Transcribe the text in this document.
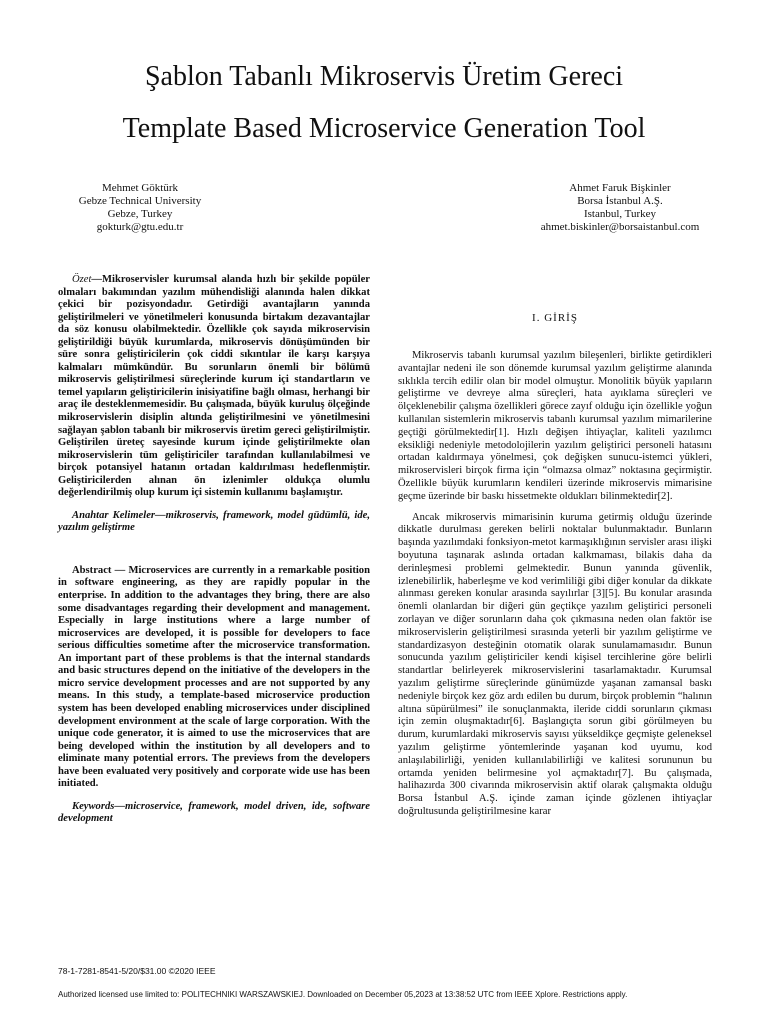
Şablon Tabanlı Mikroservis Üretim Gereci
Template Based Microservice Generation Tool
Mehmet Göktürk
Gebze Technical University
Gebze, Turkey
gokturk@gtu.edu.tr
Ahmet Faruk Bişkinler
Borsa İstanbul A.Ş.
Istanbul, Turkey
ahmet.biskinler@borsaistanbul.com

Özet—Mikroservisler kurumsal alanda hızlı bir şekilde popüler olmaları bakımından yazılım mühendisliği alanında halen dikkat çekici bir pozisyondadır. Getirdiği avantajların yanında geliştirilmeleri ve yönetilmeleri konusunda birtakım dezavantajlar da söz konusu olabilmektedir. Özellikle çok sayıda mikroservisin geliştirildiği büyük kurumlarda, mikroservis dönüşümünden bir süre sonra geliştiricilerin çok ciddi sıkıntılar ile karşı karşıya kalmaları mümkündür. Bu sorunların önemli bir bölümü mikroservis geliştirilmesi süreçlerinde kurum içi standartların ve temel yapıların geliştiricilerin inisiyatifine bağlı olması, herhangi bir araç ile desteklenmemesidir. Bu çalışmada, büyük kuruluş ölçeğinde mikroservislerin disiplin altında geliştirilmesini ve yönetilmesini sağlayan şablon tabanlı bir mikroservis üretim gereci geliştirilmiştir. Geliştirilen üreteç sayesinde kurum içinde geliştirilmekte olan mikroservislerin tüm geliştiriciler tarafından kullanılabilmesi ve birçok potansiyel hatanın ortadan kaldırılması hedeflenmiştir. Geliştiricilerden alınan ön izlenimler oldukça olumlu değerlendirilmiş olup kurum içi sistemin kullanımı başlamıştır.

Anahtar Kelimeler—mikroservis, framework, model güdümlü, ide, yazılım geliştirme

Abstract — Microservices are currently in a remarkable position in software engineering, as they are rapidly popular in the enterprise. In addition to the advantages they bring, there are also some disadvantages regarding their development and management. Especially in large institutions where a large number of microservices are developed, it is possible for developers to face serious difficulties sometime after the microservice transformation. An important part of these problems is that the internal standards and basic structures depend on the initiative of the developers in the micro service development processes and are not supported by any means. In this study, a template-based microservice production system has been developed enabling microservices under disciplined development environment at the scale of large corporation. With the unique code generator, it is aimed to use the microservices that are being developed within the institution by all developers and to eliminate many potential errors. The previews from the developers have been evaluated very positively and corporate wide use has been initiated.

Keywords—microservice, framework, model driven, ide, software development

I. GİRİŞ

Mikroservis tabanlı kurumsal yazılım bileşenleri, birlikte getirdikleri avantajlar nedeni ile son dönemde kurumsal yazılım geliştirme alanında sıklıkla tercih edilir olan bir model olmuştur. Monolitik büyük yapıların geliştirme ve devreye alma süreçleri, hata ayıklama süreçleri ve ölçeklenebilir çalışma özellikleri görece zayıf olduğu için özellikle yoğun kullanılan sistemlerin mikroservis tabanlı kurumsal yazılım mimarilerine geçtiği görülmektedir[1]. Hızlı değişen ihtiyaçlar, kaliteli yazılımcı eksikliği nedeniyle metodolojilerin yazılım geliştirici personeli hatasını ortadan kaldırmaya yönelmesi, çok değişken sunucu-istemci yükleri, mikroservisleri birçok firma için “olmazsa olmaz” noktasına geçirmiştir. Özellikle büyük kurumların kendileri üzerinde mikroservis mimarisine geçme üzerinde bir baskı hissetmekte oldukları bilinmektedir[2].

Ancak mikroservis mimarisinin kuruma getirmiş olduğu üzerinde dikkatle durulması gereken belirli noktalar bulunmaktadır. Bunların başında yazılımdaki fonksiyon-metot karmaşıklığının servisler arası ilişki boyutuna taşınarak aslında ortadan kalkmaması, bilakis daha da derinleşmesi problemi gelmektedir. Bunun yanında güvenlik, izlenebilirlik, haberleşme ve kod verimliliği gibi diğer konular da dikkate alınması gereken konular arasında sayılırlar [3][5]. Bu konular arasında önemli olanlardan bir diğeri gün geçtikçe yazılım geliştirici personeli zorlayan ve diğer sorunların daha çok çıkmasına neden olan faktör ise mikroservislerin geliştirilmesi sırasında yeterli bir yazılım geliştirme ve standardizasyon desteğinin otomatik olarak sunulamamasıdır. Bunun sonucunda yazılım geliştiriciler kendi kişisel tercihlerine göre belirli standartlar belirleyerek mikroservislerini tasarlamaktadır. Kurumsal yazılım geliştirme süreçlerinde günümüzde yaşanan zamansal baskı nedeniyle birçok kez göz ardı edilen bu durum, birçok problemin “halının altına süpürülmesi” ile sonuçlanmakta, ileride ciddi sorunların çıkması için zemin oluşmaktadır[6]. Başlangıçta sorun gibi görülmeyen bu durum, kurumlardaki mikroservis sayısı yükseldikçe geçmişte geleneksel yazılım geliştirme yöntemlerinde yaşanan kod uyumu, kod anlaşılabilirliği, yeniden kullanılabilirliği ve kalitesi sorununun bu ortamda yeniden belirmesine yol açmaktadır[7]. Bu çalışmada, halihazırda 300 civarında mikroservisin aktif olarak çalışmakta olduğu Borsa İstanbul A.Ş. içinde zaman içinde gözlenen ihtiyaçlar doğrultusunda geliştirilmesine karar

78-1-7281-8541-5/20/$31.00 ©2020 IEEE
Authorized licensed use limited to: POLITECHNIKI WARSZAWSKIEJ. Downloaded on December 05,2023 at 13:38:52 UTC from IEEE Xplore. Restrictions apply.
